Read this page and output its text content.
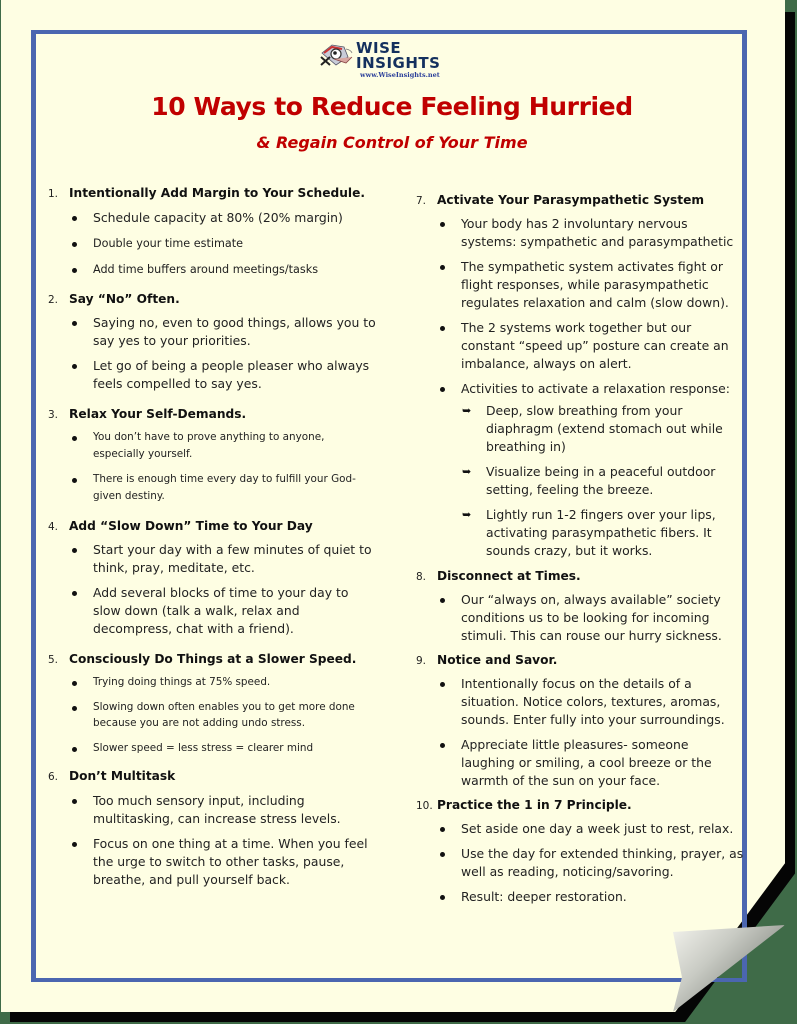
WISE
INSIGHTS
www.WiseInsights.net
10 Ways to Reduce Feeling Hurried
& Regain Control of Your Time
1. Intentionally Add Margin to Your Schedule.
Schedule capacity at 80% (20% margin)
Double your time estimate
Add time buffers around meetings/tasks
2. Say “No” Often.
Saying no, even to good things, allows you to say yes to your priorities.
Let go of being a people pleaser who always feels compelled to say yes.
3. Relax Your Self-Demands.
You don’t have to prove anything to anyone, especially yourself.
There is enough time every day to fulfill your God-given destiny.
4. Add “Slow Down” Time to Your Day
Start your day with a few minutes of quiet to think, pray, meditate, etc.
Add several blocks of time to your day to slow down (talk a walk, relax and decompress, chat with a friend).
5. Consciously Do Things at a Slower Speed.
Trying doing things at 75% speed.
Slowing down often enables you to get more done because you are not adding undo stress.
Slower speed = less stress = clearer mind
6. Don’t Multitask
Too much sensory input, including multitasking, can increase stress levels.
Focus on one thing at a time. When you feel the urge to switch to other tasks, pause, breathe, and pull yourself back.
7. Activate Your Parasympathetic System
Your body has 2 involuntary nervous systems: sympathetic and parasympathetic
The sympathetic system activates fight or flight responses, while parasympathetic regulates relaxation and calm (slow down).
The 2 systems work together but our constant “speed up” posture can create an imbalance, always on alert.
Activities to activate a relaxation response:
➥ Deep, slow breathing from your diaphragm (extend stomach out while breathing in)
➥ Visualize being in a peaceful outdoor setting, feeling the breeze.
➥ Lightly run 1-2 fingers over your lips, activating parasympathetic fibers. It sounds crazy, but it works.
8. Disconnect at Times.
Our “always on, always available” society conditions us to be looking for incoming stimuli. This can rouse our hurry sickness.
9. Notice and Savor.
Intentionally focus on the details of a situation. Notice colors, textures, aromas, sounds. Enter fully into your surroundings.
Appreciate little pleasures- someone laughing or smiling, a cool breeze or the warmth of the sun on your face.
10. Practice the 1 in 7 Principle.
Set aside one day a week just to rest, relax.
Use the day for extended thinking, prayer, as well as reading, noticing/savoring.
Result: deeper restoration.
